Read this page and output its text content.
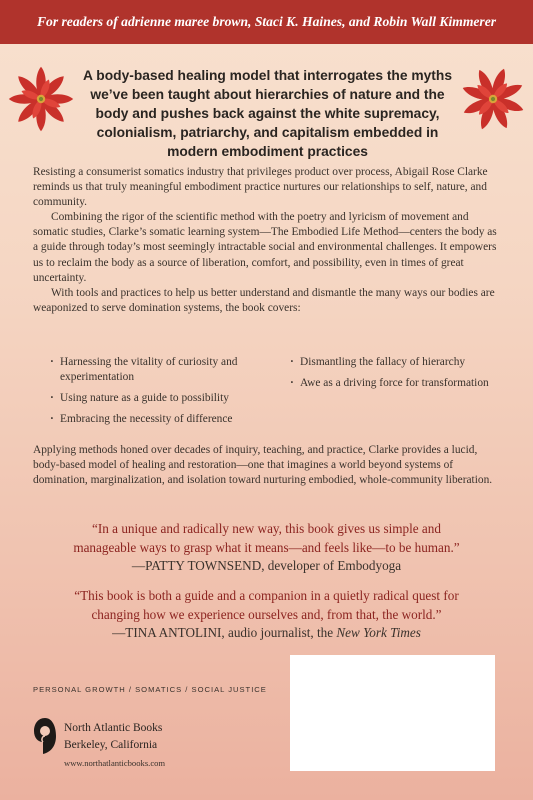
For readers of adrienne maree brown, Staci K. Haines, and Robin Wall Kimmerer
A body-based healing model that interrogates the myths we’ve been taught about hierarchies of nature and the body and pushes back against the white supremacy, colonialism, patriarchy, and capitalism embedded in modern embodiment practices

Resisting a consumerist somatics industry that privileges product over process, Abigail Rose Clarke reminds us that truly meaningful embodiment practice nurtures our relationships to self, nature, and community.

Combining the rigor of the scientific method with the poetry and lyricism of movement and somatic studies, Clarke’s somatic learning system—The Embodied Life Method—centers the body as a guide through today’s most seemingly intractable social and environmental challenges. It empowers us to reclaim the body as a source of liberation, comfort, and possibility, even in times of great uncertainty.

With tools and practices to help us better understand and dismantle the many ways our bodies are weaponized to serve domination systems, the book covers:

· Harnessing the vitality of curiosity and experimentation
· Using nature as a guide to possibility
· Embracing the necessity of difference
· Dismantling the fallacy of hierarchy
· Awe as a driving force for transformation
Applying methods honed over decades of inquiry, teaching, and practice, Clarke provides a lucid, body-based model of healing and restoration—one that imagines a world beyond systems of domination, marginalization, and isolation toward nurturing embodied, whole-community liberation.
“In a unique and radically new way, this book gives us simple and manageable ways to grasp what it means—and feels like—to be human.”
—PATTY TOWNSEND, developer of Embodyoga
“This book is both a guide and a companion in a quietly radical quest for changing how we experience ourselves and, from that, the world.”
—TINA ANTOLINI, audio journalist, the New York Times
PERSONAL GROWTH / SOMATICS / SOCIAL JUSTICE
North Atlantic Books
Berkeley, California
www.northatlanticbooks.com
